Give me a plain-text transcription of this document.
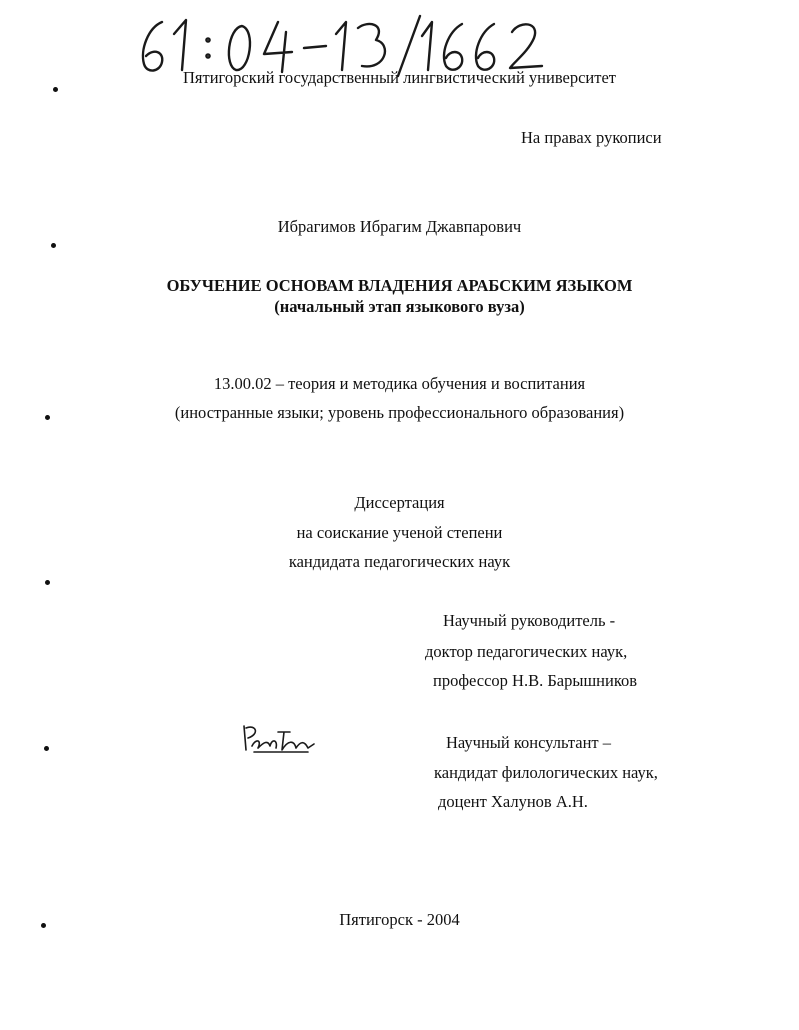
Пятигорский государственный лингвистический университет
На правах рукописи
Ибрагимов Ибрагим Джавпарович
ОБУЧЕНИЕ ОСНОВАМ ВЛАДЕНИЯ АРАБСКИМ ЯЗЫКОМ
(начальный этап языкового вуза)
13.00.02 – теория и методика обучения и воспитания
(иностранные языки; уровень профессионального образования)
Диссертация
на соискание ученой степени
кандидата педагогических наук
Научный руководитель -
доктор педагогических наук,
профессор Н.В. Барышников
Научный консультант –
кандидат филологических наук,
доцент Халунов А.Н.
Пятигорск - 2004
